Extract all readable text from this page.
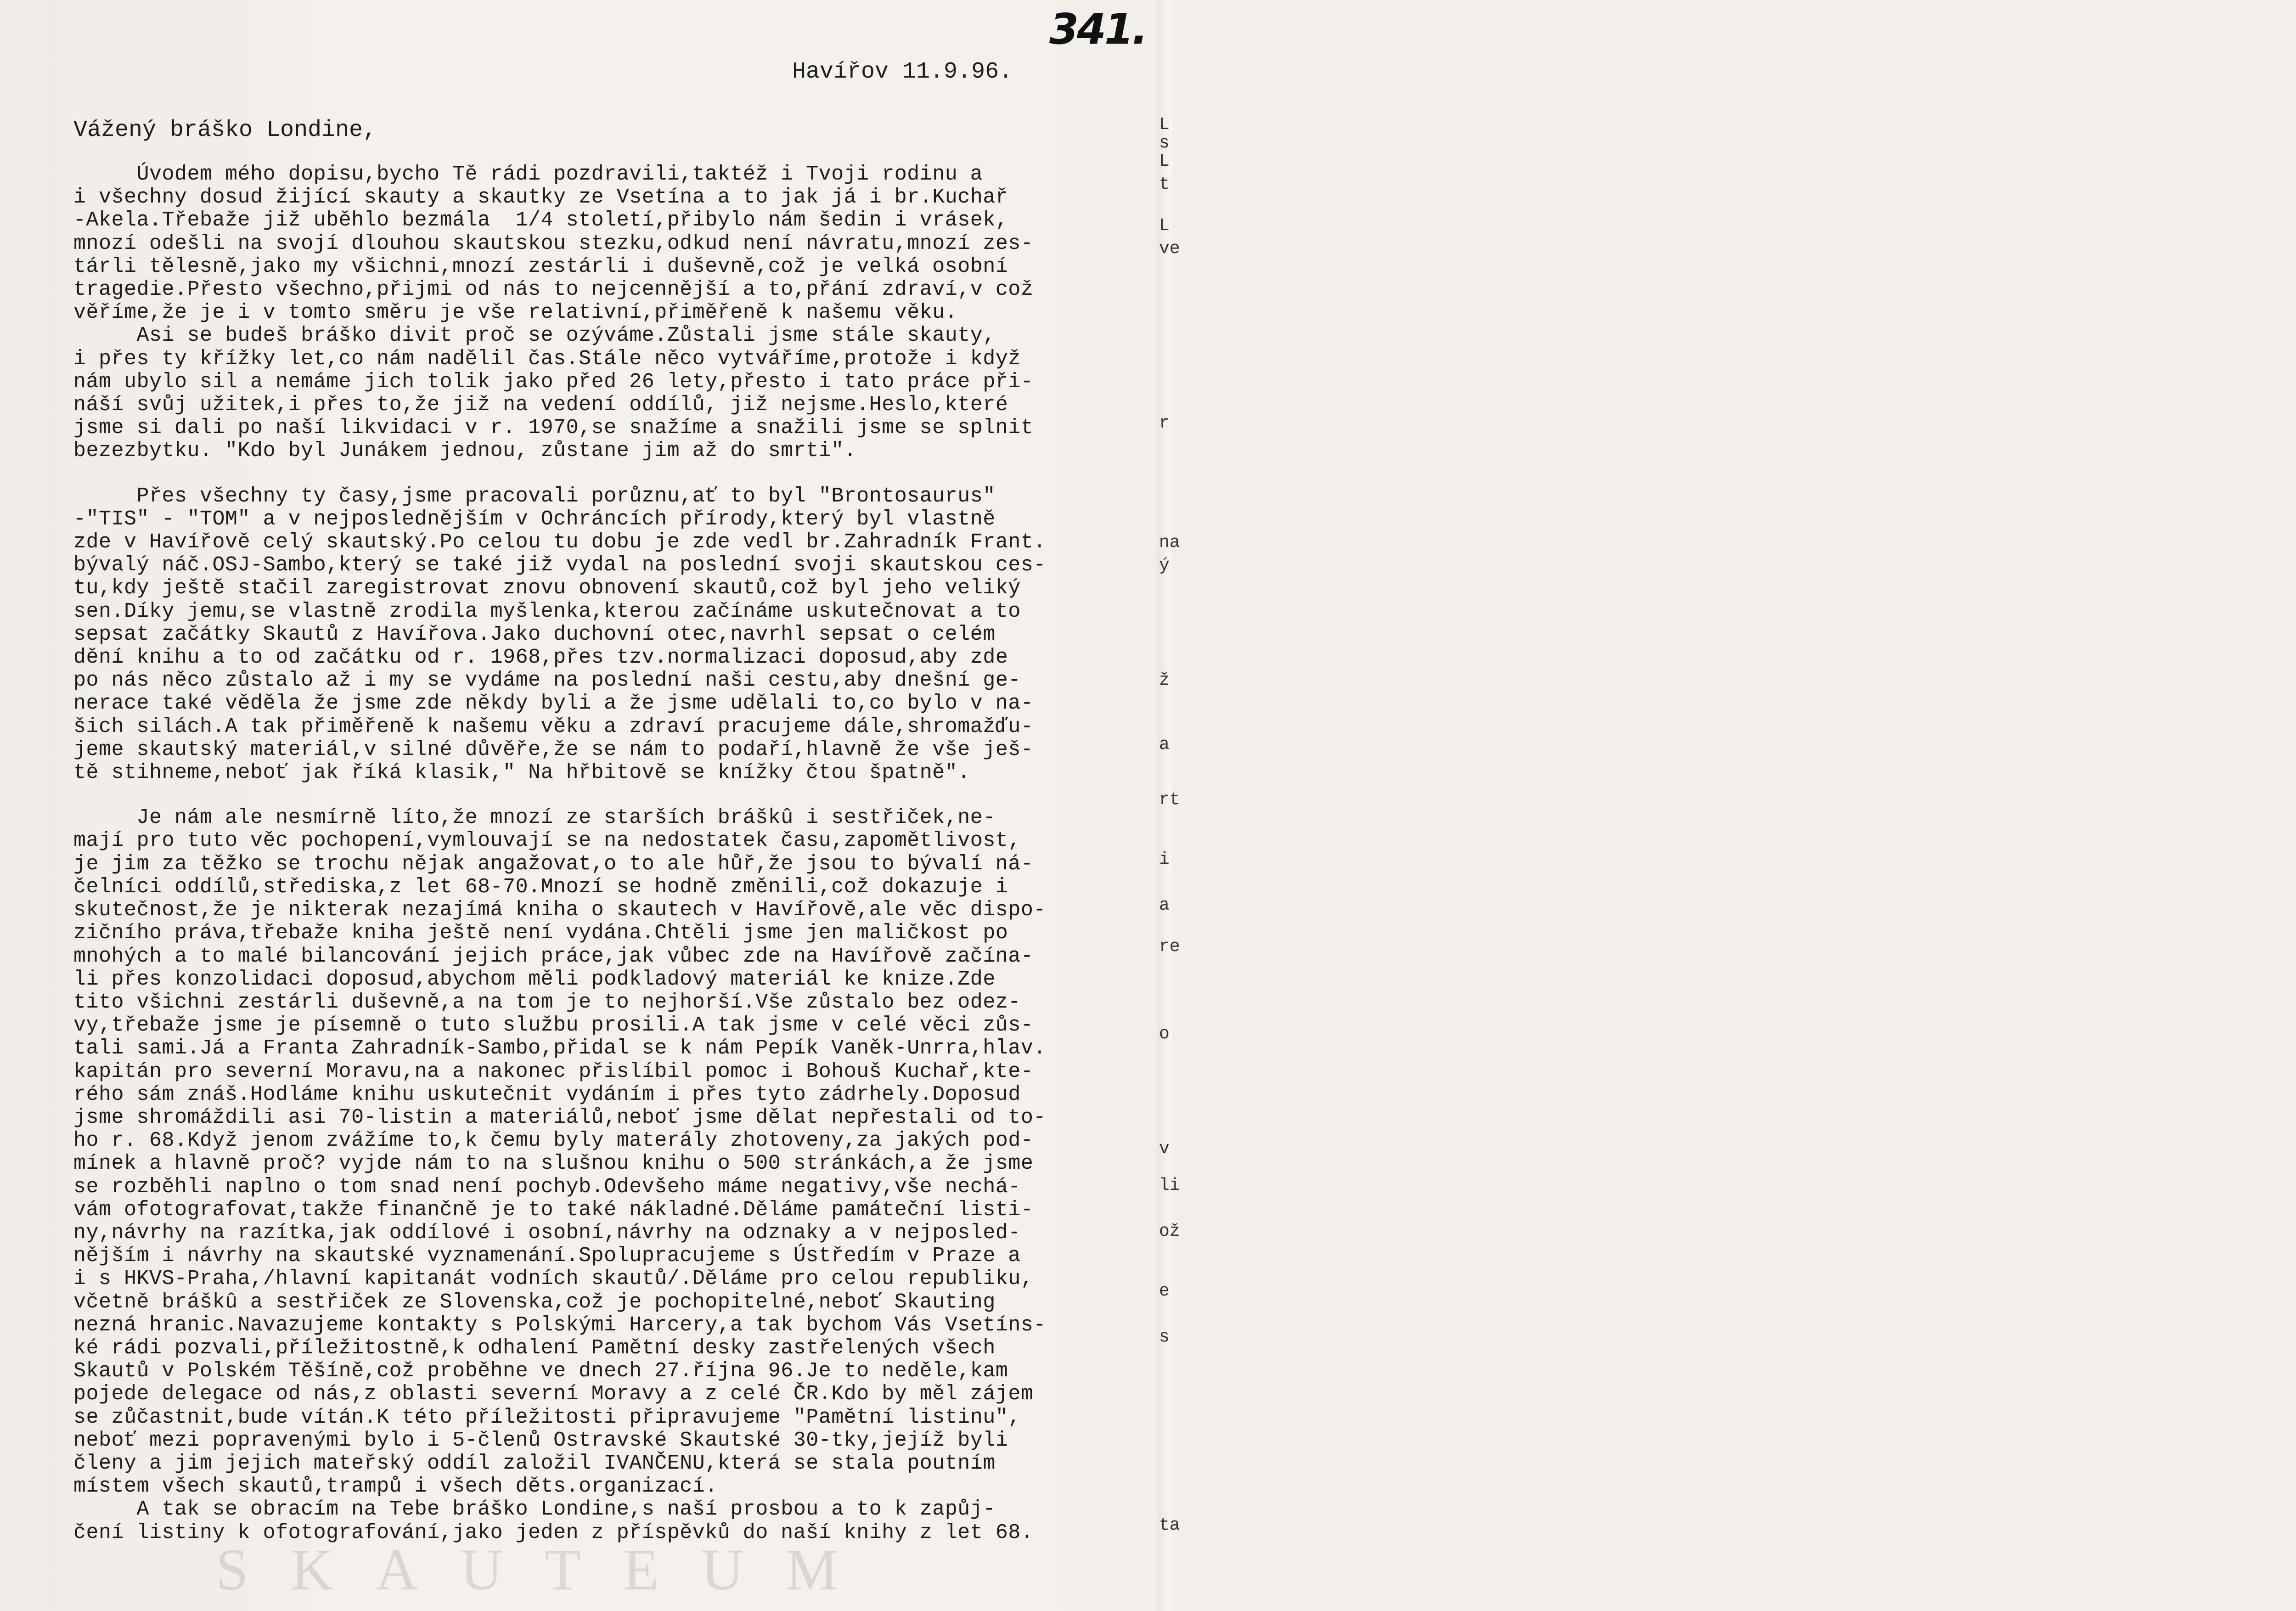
341.
Havířov 11.9.96.
Vážený bráško Londine,
Úvodem mého dopisu,bycho Tě rádi pozdravili,taktéž i Tvoji rodinu a
i všechny dosud žijící skauty a skautky ze Vsetína a to jak já i br.Kuchař
-Akela.Třebaže již uběhlo bezmála  1/4 století,přibylo nám šedin i vrásek,
mnozí odešli na svojí dlouhou skautskou stezku,odkud není návratu,mnozí zes-
tárli tělesně,jako my všichni,mnozí zestárli i duševně,což je velká osobní
tragedie.Přesto všechno,přijmi od nás to nejcennější a to,přání zdraví,v což
věříme,že je i v tomto směru je vše relativní,přiměřeně k našemu věku.
Asi se budeš bráško divit proč se ozýváme.Zůstali jsme stále skauty,
i přes ty křížky let,co nám nadělil čas.Stále něco vytváříme,protože i když
nám ubylo sil a nemáme jich tolik jako před 26 lety,přesto i tato práce při-
náší svůj užitek,i přes to,že již na vedení oddílů, již nejsme.Heslo,které
jsme si dali po naší likvidaci v r. 1970,se snažíme a snažili jsme se splnit
bezezbytku. "Kdo byl Junákem jednou, zůstane jim až do smrti".
Přes všechny ty časy,jsme pracovali porůznu,ať to byl "Brontosaurus"
-"TIS" - "TOM" a v nejposlednějším v Ochráncích přírody,který byl vlastně
zde v Havířově celý skautský.Po celou tu dobu je zde vedl br.Zahradník Frant.
bývalý náč.OSJ-Sambo,který se také již vydal na poslední svoji skautskou ces-
tu,kdy ještě stačil zaregistrovat znovu obnovení skautů,což byl jeho veliký
sen.Díky jemu,se vlastně zrodila myšlenka,kterou začínáme uskutečnovat a to
sepsat začátky Skautů z Havířova.Jako duchovní otec,navrhl sepsat o celém
dění knihu a to od začátku od r. 1968,přes tzv.normalizaci doposud,aby zde
po nás něco zůstalo až i my se vydáme na poslední naši cestu,aby dnešní ge-
nerace také věděla že jsme zde někdy byli a že jsme udělali to,co bylo v na-
šich silách.A tak přiměřeně k našemu věku a zdraví pracujeme dále,shromažďu-
jeme skautský materiál,v silné důvěře,že se nám to podaří,hlavně že vše ješ-
tě stihneme,neboť jak říká klasik," Na hřbitově se knížky čtou špatně".
Je nám ale nesmírně líto,že mnozí ze starších bráškû i sestřiček,ne-
mají pro tuto věc pochopení,vymlouvají se na nedostatek času,zapomětlivost,
je jim za těžko se trochu nějak angažovat,o to ale hůř,že jsou to bývalí ná-
čelníci oddílů,střediska,z let 68-70.Mnozí se hodně změnili,což dokazuje i
skutečnost,že je nikterak nezajímá kniha o skautech v Havířově,ale věc dispo-
zičního práva,třebaže kniha ještě není vydána.Chtěli jsme jen maličkost po
mnohých a to malé bilancování jejich práce,jak vůbec zde na Havířově začína-
li přes konzolidaci doposud,abychom měli podkladový materiál ke knize.Zde
tito všichni zestárli duševně,a na tom je to nejhorší.Vše zůstalo bez odez-
vy,třebaže jsme je písemně o tuto službu prosili.A tak jsme v celé věci zůs-
tali sami.Já a Franta Zahradník-Sambo,přidal se k nám Pepík Vaněk-Unrra,hlav.
kapitán pro severní Moravu,na a nakonec přislíbil pomoc i Bohouš Kuchař,kte-
rého sám znáš.Hodláme knihu uskutečnit vydáním i přes tyto zádrhely.Doposud
jsme shromáždili asi 70-listin a materiálů,neboť jsme dělat nepřestali od to-
ho r. 68.Když jenom zvážíme to,k čemu byly materály zhotoveny,za jakých pod-
mínek a hlavně proč? vyjde nám to na slušnou knihu o 500 stránkách,a že jsme
se rozběhli naplno o tom snad není pochyb.Odevšeho máme negativy,vše nechá-
vám ofotografovat,takže finančně je to také nákladné.Děláme památeční listi-
ny,návrhy na razítka,jak oddílové i osobní,návrhy na odznaky a v nejposled-
nějším i návrhy na skautské vyznamenání.Spolupracujeme s Ústředím v Praze a
i s HKVS-Praha,/hlavní kapitanát vodních skautů/.Děláme pro celou republiku,
včetně bráškû a sestřiček ze Slovenska,což je pochopitelné,neboť Skauting
nezná hranic.Navazujeme kontakty s Polskými Harcery,a tak bychom Vás Vsetíns-
ké rádi pozvali,příležitostně,k odhalení Pamětní desky zastřelených všech
Skautů v Polském Těšíně,což proběhne ve dnech 27.října 96.Je to neděle,kam
pojede delegace od nás,z oblasti severní Moravy a z celé ČR.Kdo by měl zájem
se zůčastnit,bude vítán.K této příležitosti připravujeme "Pamětní listinu",
neboť mezi popravenými bylo i 5-členů Ostravské Skautské 30-tky,jejíž byli
členy a jim jejich mateřský oddíl založil IVANČENU,která se stala poutním
místem všech skautů,trampů i všech děts.organizací.
A tak se obracím na Tebe bráško Londine,s naší prosbou a to k zapůj-
čení listiny k ofotografování,jako jeden z příspěvků do naší knihy z let 68.
L
s
L
t
L
ve
r
na
ý
ž
a
rt
i
a
re
o
v
li
ož
e
s
ta
SKAUTEUM
